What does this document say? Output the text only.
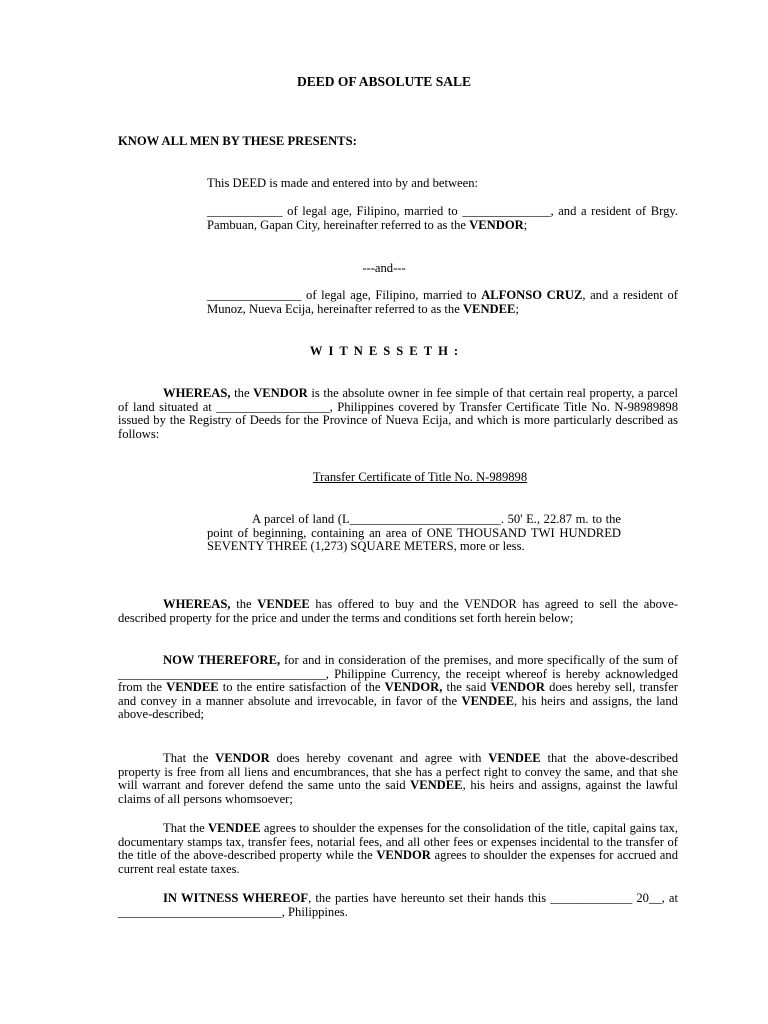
DEED OF ABSOLUTE SALE
KNOW ALL MEN BY THESE PRESENTS:
This DEED is made and entered into by and between:

____________ of legal age, Filipino, married to ______________, and a resident of Brgy. Pambuan, Gapan City, hereinafter referred to as the VENDOR;

---and---

_______________ of legal age, Filipino, married to ALFONSO CRUZ, and a resident of Munoz, Nueva Ecija, hereinafter referred to as the VENDEE;

WITNESSETH:

WHEREAS, the VENDOR is the absolute owner in fee simple of that certain real property, a parcel of land situated at __________________, Philippines covered by Transfer Certificate Title No. N-98989898 issued by the Registry of Deeds for the Province of Nueva Ecija, and which is more particularly described as follows:

Transfer Certificate of Title No. N-989898

A parcel of land (L________________________. 50' E., 22.87 m. to the point of beginning, containing an area of ONE THOUSAND TWI HUNDRED SEVENTY THREE (1,273) SQUARE METERS, more or less.

WHEREAS, the VENDEE has offered to buy and the VENDOR has agreed to sell the above-described property for the price and under the terms and conditions set forth herein below;

NOW THEREFORE, for and in consideration of the premises, and more specifically of the sum of _________________________________, Philippine Currency, the receipt whereof is hereby acknowledged from the VENDEE to the entire satisfaction of the VENDOR, the said VENDOR does hereby sell, transfer and convey in a manner absolute and irrevocable, in favor of the VENDEE, his heirs and assigns, the land above-described;

That the VENDOR does hereby covenant and agree with VENDEE that the above-described property is free from all liens and encumbrances, that she has a perfect right to convey the same, and that she will warrant and forever defend the same unto the said VENDEE, his heirs and assigns, against the lawful claims of all persons whomsoever;

That the VENDEE agrees to shoulder the expenses for the consolidation of the title, capital gains tax, documentary stamps tax, transfer fees, notarial fees, and all other fees or expenses incidental to the transfer of the title of the above-described property while the VENDOR agrees to shoulder the expenses for accrued and current real estate taxes.

IN WITNESS WHEREOF, the parties have hereunto set their hands this _____________ 20__, at __________________________, Philippines.
